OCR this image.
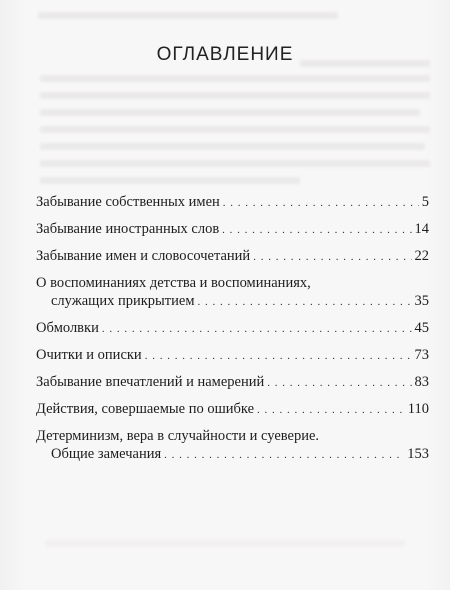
ОГЛАВЛЕНИЕ
Забывание собственных имен . . .	5
Забывание иностранных слов . . .	14
Забывание имен и словосочетаний . . .	22
О воспоминаниях детства и воспоминаниях,
служащих прикрытием . . .	35
Обмолвки . . .	45
Очитки и описки . . .	73
Забывание впечатлений и намерений . . .	83
Действия, совершаемые по ошибке . . .	110
Детерминизм, вера в случайности и суеверие.
Общие замечания . . .	153
